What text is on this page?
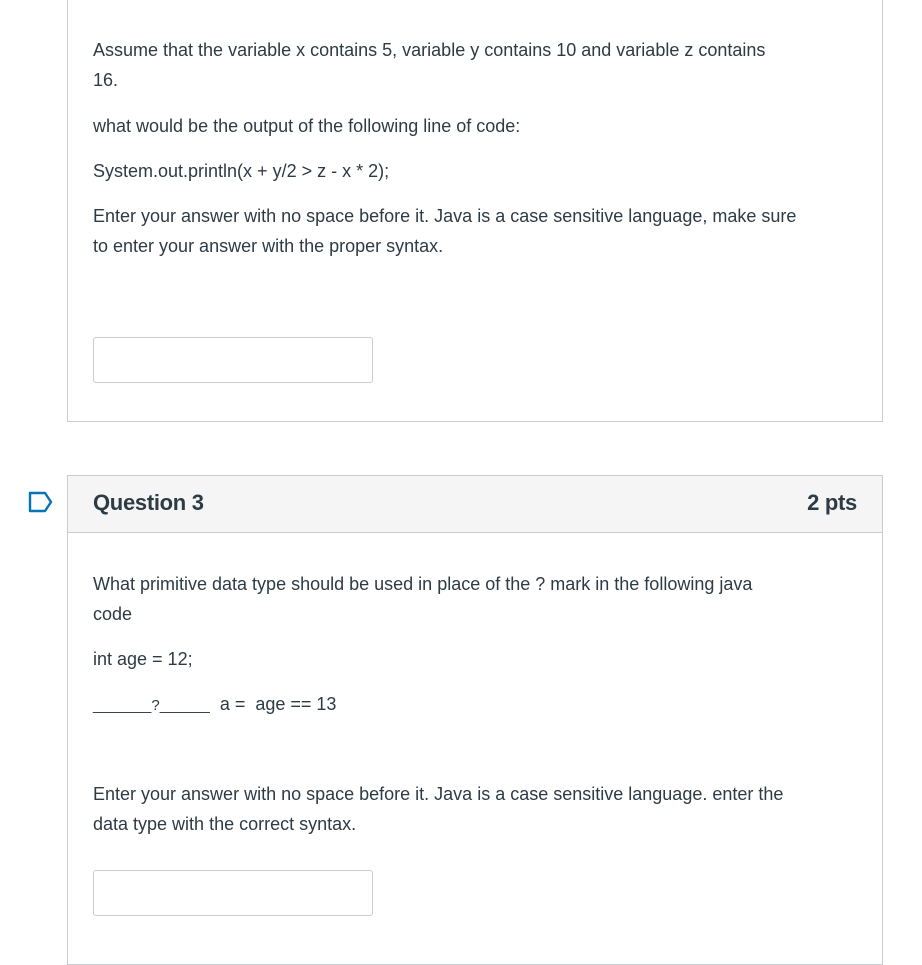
Assume that the variable x contains 5, variable y contains 10 and variable z contains

16.

what would be the output of the following line of code:

System.out.println(x + y/2 > z - x * 2);

Enter your answer with no space before it. Java is a case sensitive language, make sure

to enter your answer with the proper syntax.

Question 3	2 pts

What primitive data type should be used in place of the ? mark in the following java

code

int age = 12;

_______?______ a =  age == 13

Enter your answer with no space before it. Java is a case sensitive language. enter the

data type with the correct syntax.
